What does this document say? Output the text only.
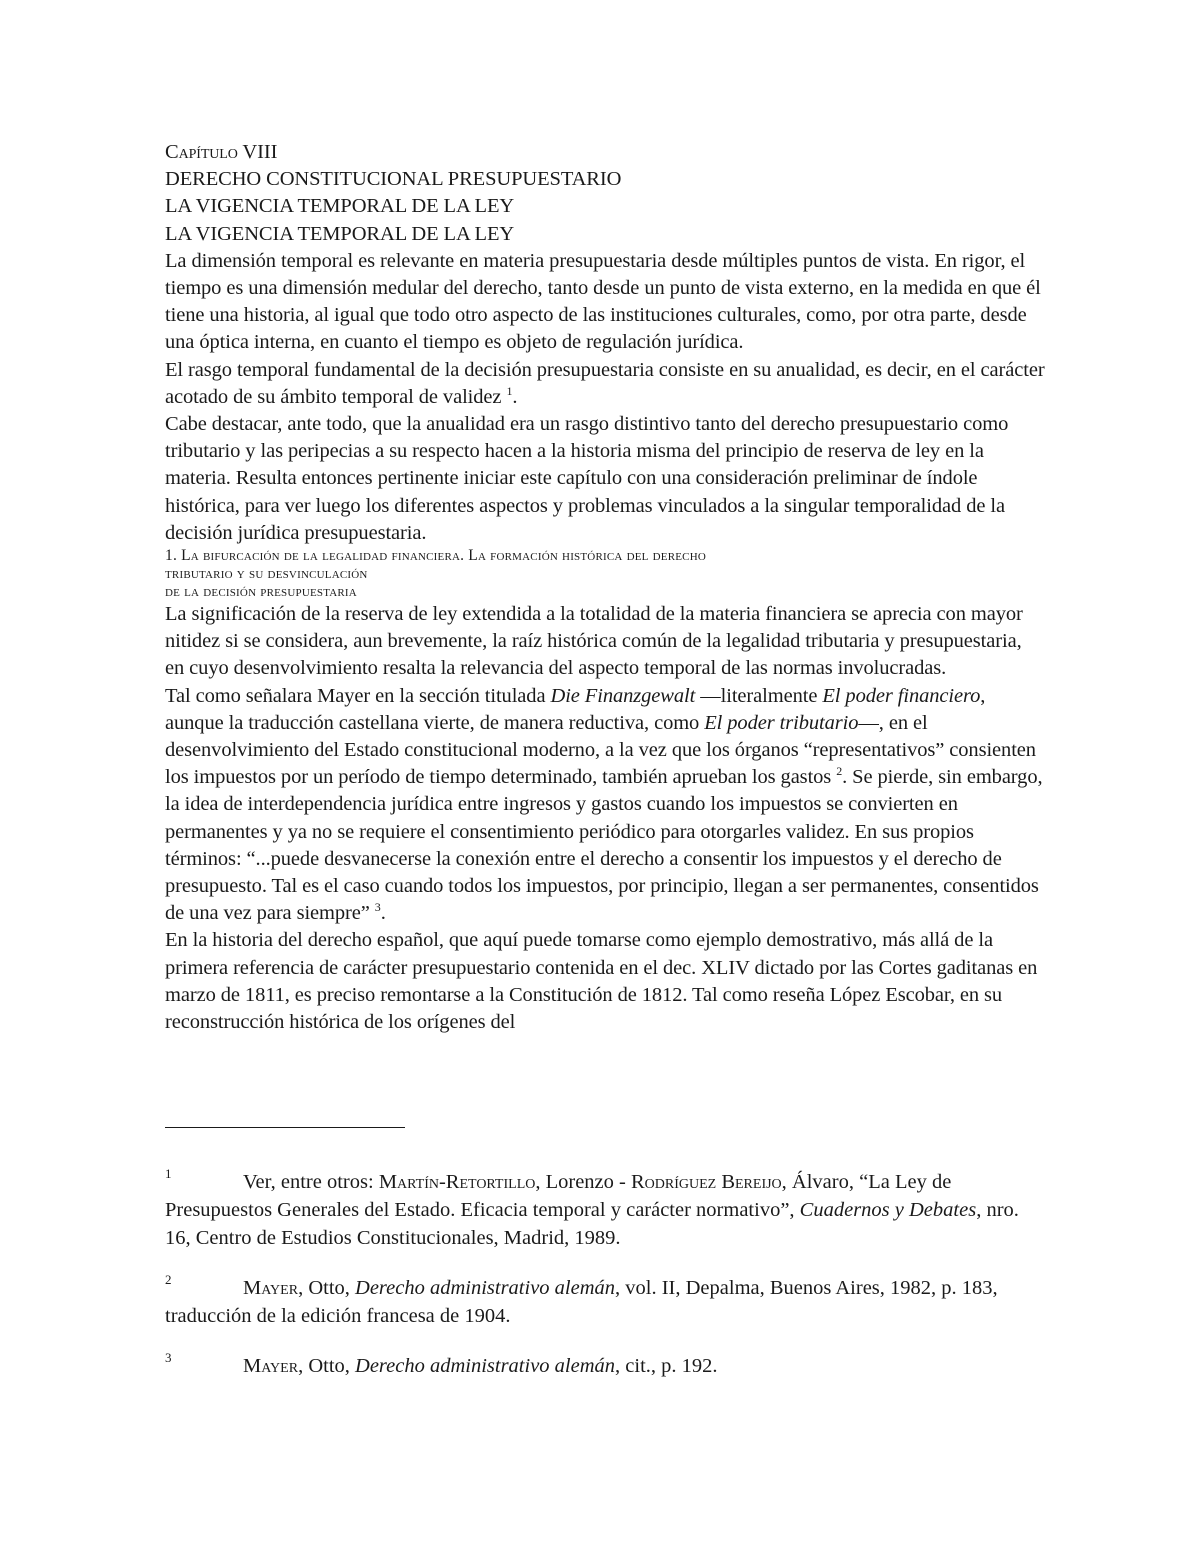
Capítulo VIII
DERECHO CONSTITUCIONAL PRESUPUESTARIO
LA VIGENCIA TEMPORAL DE LA LEY
LA VIGENCIA TEMPORAL DE LA LEY

La dimensión temporal es relevante en materia presupuestaria desde múltiples puntos de vista. En rigor, el tiempo es una dimensión medular del derecho, tanto desde un punto de vista externo, en la medida en que él tiene una historia, al igual que todo otro aspecto de las instituciones culturales, como, por otra parte, desde una óptica interna, en cuanto el tiempo es objeto de regulación jurídica.

El rasgo temporal fundamental de la decisión presupuestaria consiste en su anualidad, es decir, en el carácter acotado de su ámbito temporal de validez $^1$.

Cabe destacar, ante todo, que la anualidad era un rasgo distintivo tanto del derecho presupuestario como tributario y las peripecias a su respecto hacen a la historia misma del principio de reserva de ley en la materia. Resulta entonces pertinente iniciar este capítulo con una consideración preliminar de índole histórica, para ver luego los diferentes aspectos y problemas vinculados a la singular temporalidad de la decisión jurídica presupuestaria.

1. La bifurcación de la legalidad financiera. La formación histórica del derecho
tributario y su desvinculación
de la decisión presupuestaria

La significación de la reserva de ley extendida a la totalidad de la materia financiera se aprecia con mayor nitidez si se considera, aun brevemente, la raíz histórica común de la legalidad tributaria y presupuestaria, en cuyo desenvolvimiento resalta la relevancia del aspecto temporal de las normas involucradas.

Tal como señalara Mayer en la sección titulada Die Finanzgewalt —literalmente El poder financiero, aunque la traducción castellana vierte, de manera reductiva, como El poder tributario—, en el desenvolvimiento del Estado constitucional moderno, a la vez que los órganos “representativos” consienten los impuestos por un período de tiempo determinado, también aprueban los gastos $^2$. Se pierde, sin embargo, la idea de interdependencia jurídica entre ingresos y gastos cuando los impuestos se convierten en permanentes y ya no se requiere el consentimiento periódico para otorgarles validez. En sus propios términos: “...puede desvanecerse la conexión entre el derecho a consentir los impuestos y el derecho de presupuesto. Tal es el caso cuando todos los impuestos, por principio, llegan a ser permanentes, consentidos de una vez para siempre” $^3$.

En la historia del derecho español, que aquí puede tomarse como ejemplo demostrativo, más allá de la primera referencia de carácter presupuestario contenida en el dec. XLIV dictado por las Cortes gaditanas en marzo de 1811, es preciso remontarse a la Constitución de 1812. Tal como reseña López Escobar, en su reconstrucción histórica de los orígenes del

1	Ver, entre otros: Martín-Retortillo, Lorenzo - Rodríguez Bereijo, Álvaro, “La Ley de Presupuestos Generales del Estado. Eficacia temporal y carácter normativo”, Cuadernos y Debates, nro. 16, Centro de Estudios Constitucionales, Madrid, 1989.
2	Mayer, Otto, Derecho administrativo alemán, vol. II, Depalma, Buenos Aires, 1982, p. 183, traducción de la edición francesa de 1904.
3	Mayer, Otto, Derecho administrativo alemán, cit., p. 192.
